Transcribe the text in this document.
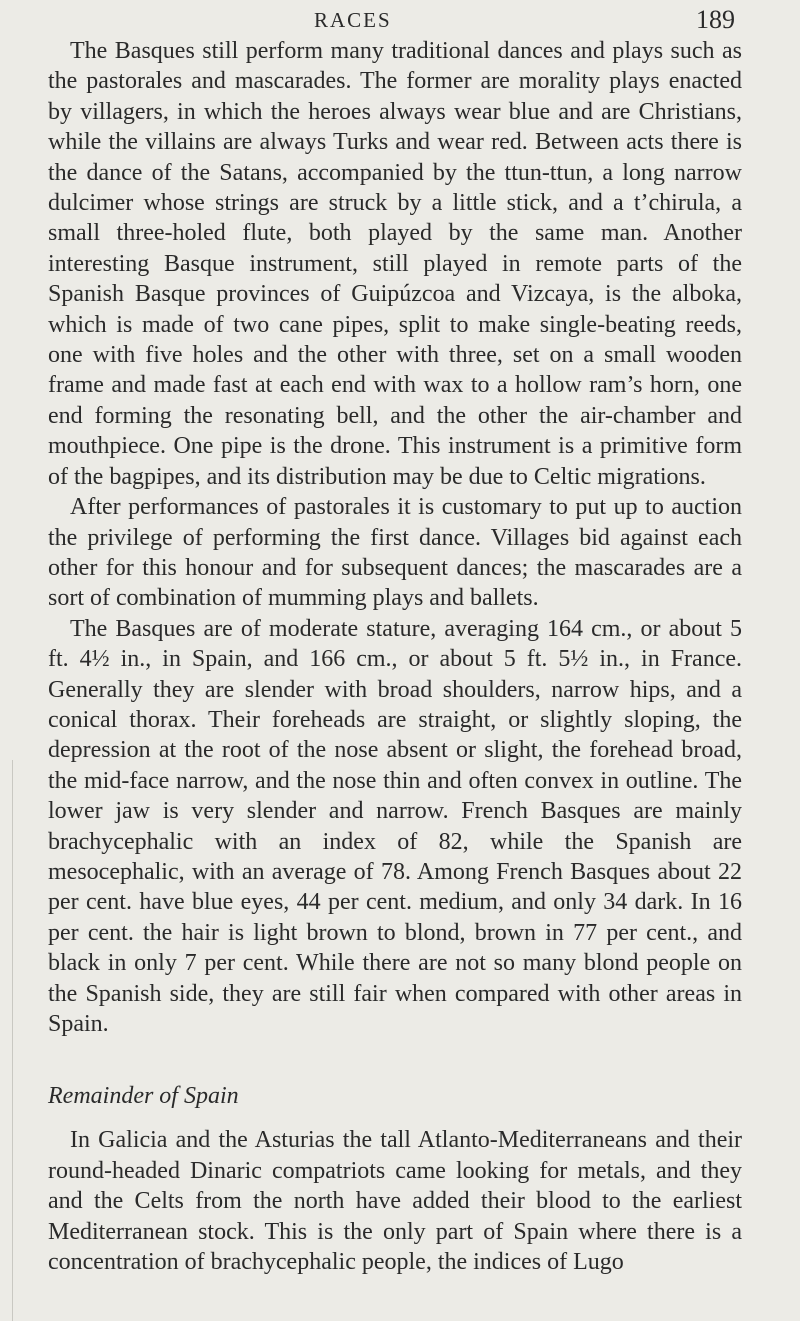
RACES	189

The Basques still perform many traditional dances and plays such as the pastorales and mascarades. The former are morality plays enacted by villagers, in which the heroes always wear blue and are Christians, while the villains are always Turks and wear red. Between acts there is the dance of the Satans, accompanied by the ttun-ttun, a long narrow dulcimer whose strings are struck by a little stick, and a t’chirula, a small three-holed flute, both played by the same man. Another interesting Basque instrument, still played in remote parts of the Spanish Basque provinces of Guipúzcoa and Vizcaya, is the alboka, which is made of two cane pipes, split to make single-beating reeds, one with five holes and the other with three, set on a small wooden frame and made fast at each end with wax to a hollow ram’s horn, one end forming the resonating bell, and the other the air-chamber and mouthpiece. One pipe is the drone. This instrument is a primitive form of the bagpipes, and its distribution may be due to Celtic migrations.

After performances of pastorales it is customary to put up to auction the privilege of performing the first dance. Villages bid against each other for this honour and for subsequent dances; the mascarades are a sort of combination of mumming plays and ballets.

The Basques are of moderate stature, averaging 164 cm., or about 5 ft. 4½ in., in Spain, and 166 cm., or about 5 ft. 5½ in., in France. Generally they are slender with broad shoulders, narrow hips, and a conical thorax. Their foreheads are straight, or slightly sloping, the depression at the root of the nose absent or slight, the forehead broad, the mid-face narrow, and the nose thin and often convex in outline. The lower jaw is very slender and narrow. French Basques are mainly brachycephalic with an index of 82, while the Spanish are mesocephalic, with an average of 78. Among French Basques about 22 per cent. have blue eyes, 44 per cent. medium, and only 34 dark. In 16 per cent. the hair is light brown to blond, brown in 77 per cent., and black in only 7 per cent. While there are not so many blond people on the Spanish side, they are still fair when compared with other areas in Spain.

Remainder of Spain

In Galicia and the Asturias the tall Atlanto-Mediterraneans and their round-headed Dinaric compatriots came looking for metals, and they and the Celts from the north have added their blood to the earliest Mediterranean stock. This is the only part of Spain where there is a concentration of brachycephalic people, the indices of Lugo
